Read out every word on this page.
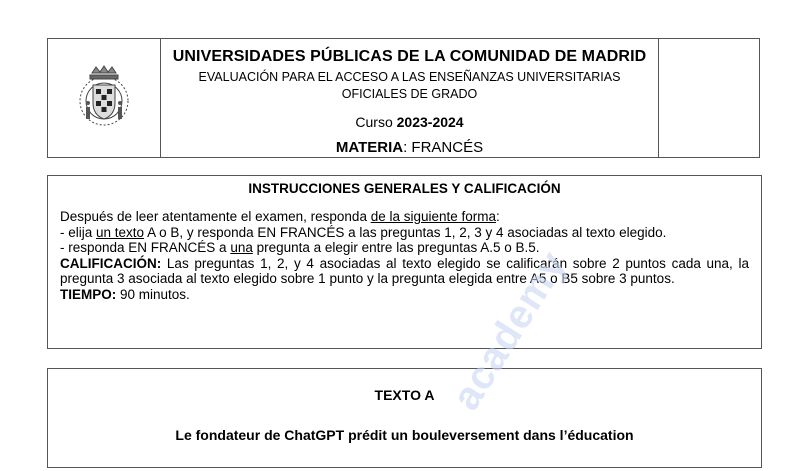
UNIVERSIDADES PÚBLICAS DE LA COMUNIDAD DE MADRID
EVALUACIÓN PARA EL ACCESO A LAS ENSEÑANZAS UNIVERSITARIAS OFICIALES DE GRADO
Curso 2023-2024
MATERIA: FRANCÉS
INSTRUCCIONES GENERALES Y CALIFICACIÓN

Después de leer atentamente el examen, responda de la siguiente forma:

- elija un texto A o B, y responda EN FRANCÉS a las preguntas 1, 2, 3 y 4 asociadas al texto elegido.

- responda EN FRANCÉS a una pregunta a elegir entre las preguntas A.5 o B.5.

CALIFICACIÓN: Las preguntas 1, 2, y 4 asociadas al texto elegido se calificarán sobre 2 puntos cada una, la pregunta 3 asociada al texto elegido sobre 1 punto y la pregunta elegida entre A5 o B5 sobre 3 puntos.

TIEMPO: 90 minutos.

TEXTO A
Le fondateur de ChatGPT prédit un bouleversement dans l’éducation
academy
